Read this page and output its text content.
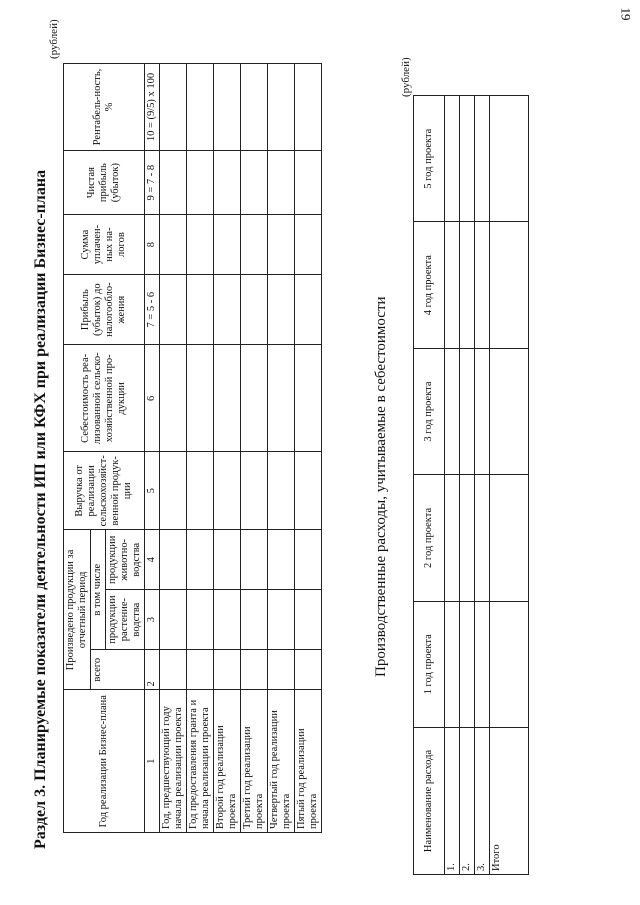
19
Раздел 3. Планируемые показатели деятельности ИП или КФХ при реализации Бизнес-плана
(рублей)
Год реализации Бизнес-плана	Произведено продукции за отчетный период			Выручка от реализации сельскохозяйст-венной продук-ции	Себестоимость реа-лизованной сельско-хозяйственной про-дукции	Прибыль (убыток) до налогообло-жения	Сумма уплачен-ных на-логов	Чистая прибыль (убыток)	Рентабель-ность, %
	всего	в том числе							
		продукции растение-водства	продукции животно-водства						
1	2	3	4	5	6	7 = 5 - 6	8	9 = 7 - 8	10 = (9/5) х 100
Год, предшествующий году начала реализации проекта									
Год предоставления гранта и начала реализации проекта									
Второй год реализации проекта									
Третий год реализации проекта									
Четвертый год реализации проекта									
Пятый год реализации проекта									
Производственные расходы, учитываемые в себестоимости
(рублей)
Наименование расхода	1 год проекта	2 год проекта	3 год проекта	4 год проекта	5 год проекта
1.					
2.					
3.					
Итого					
